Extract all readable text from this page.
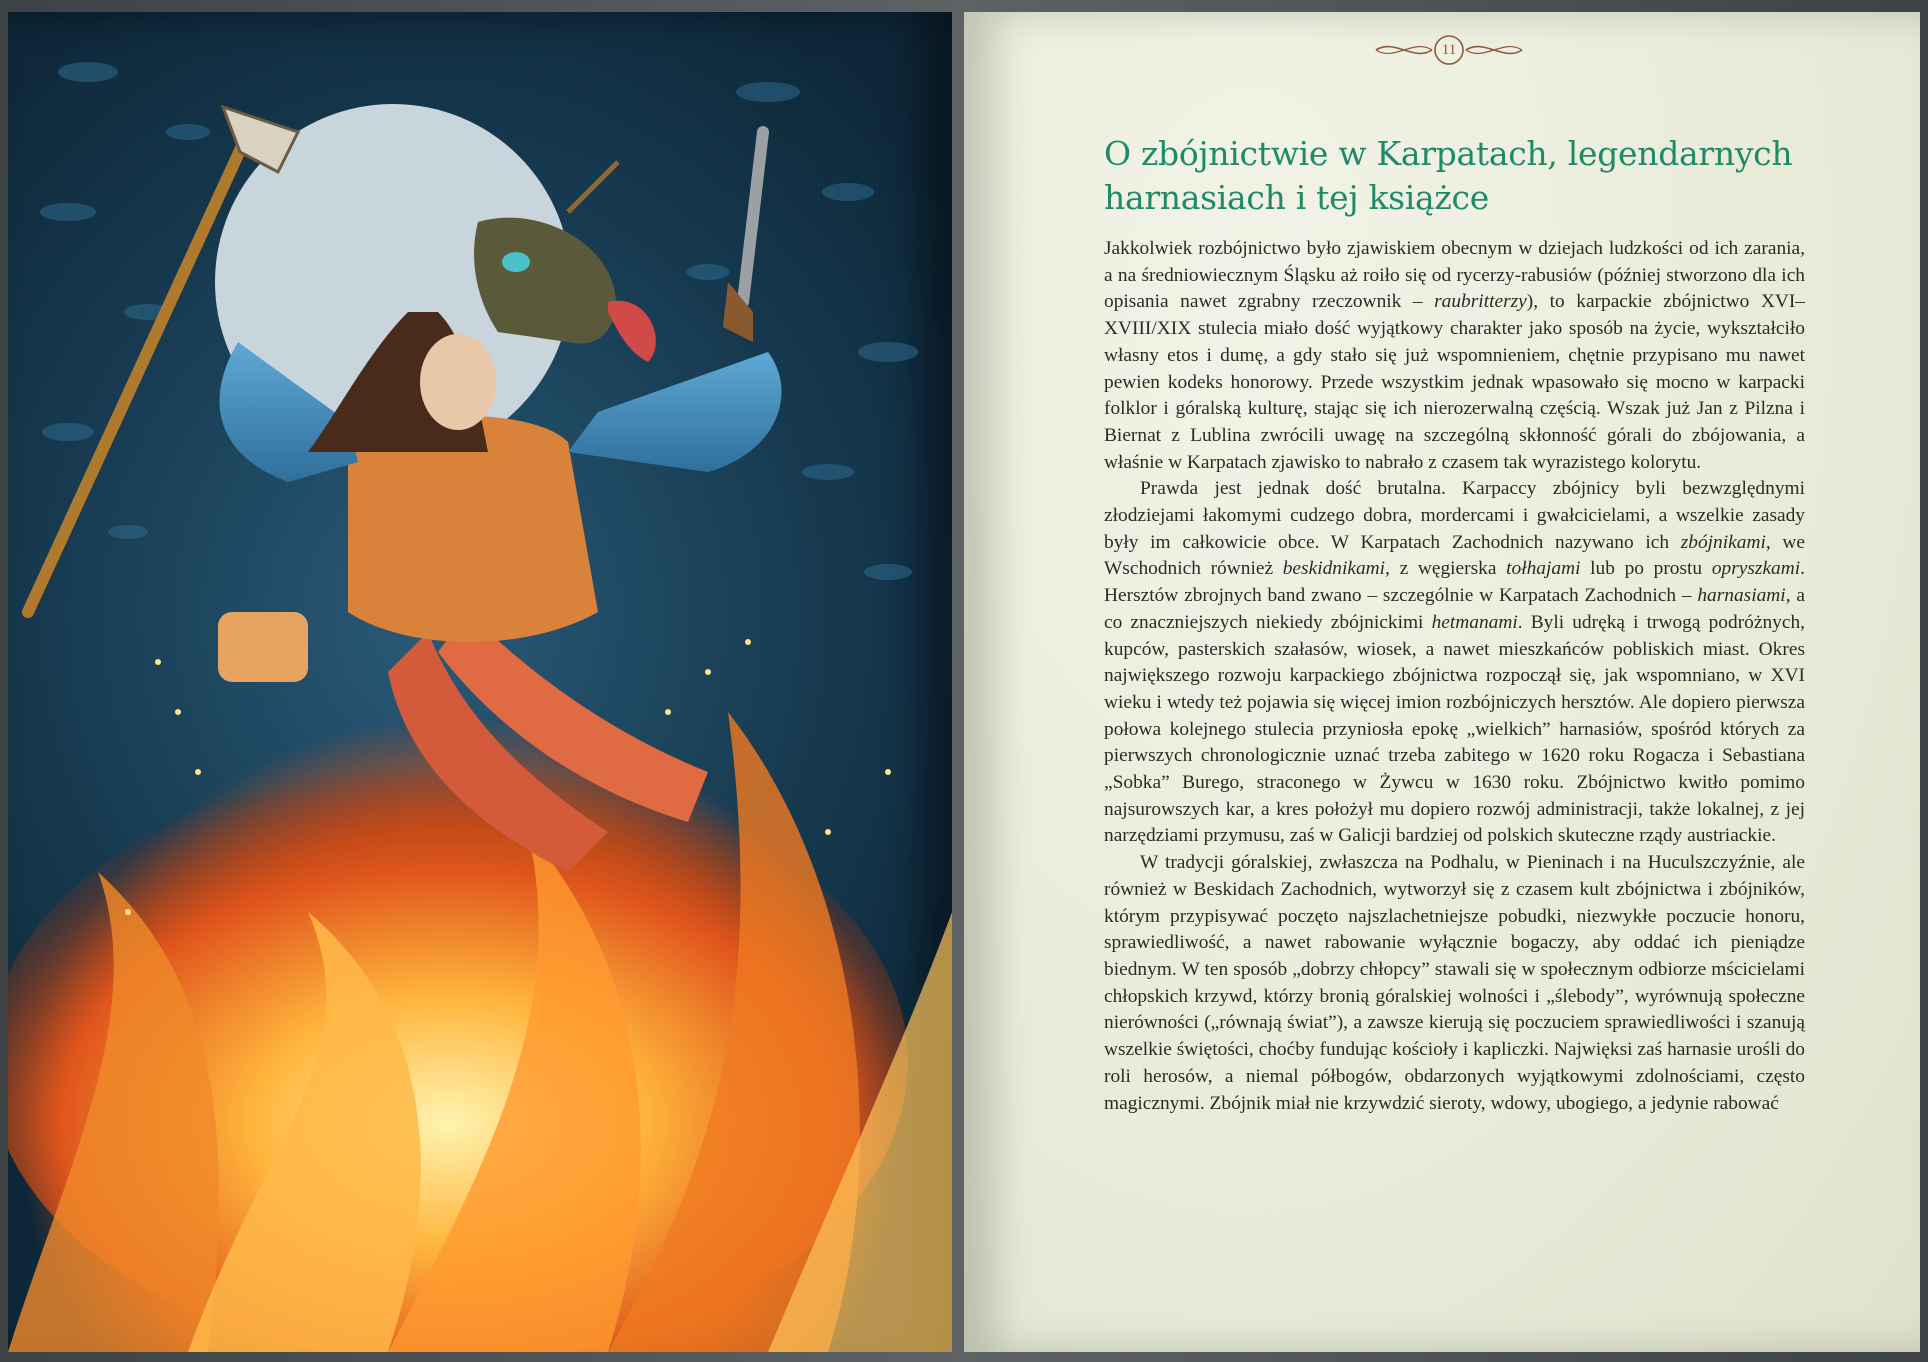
11
O zbójnictwie w Karpatach, legendarnych harnasiach i tej książce

Jakkolwiek rozbójnictwo było zjawiskiem obecnym w dziejach ludzkości od ich zarania, a na średniowiecznym Śląsku aż roiło się od rycerzy-rabusiów (później stworzono dla ich opisania nawet zgrabny rzeczownik – raubritterzy), to karpackie zbójnictwo XVI–XVIII/XIX stulecia miało dość wyjątkowy charakter jako sposób na życie, wykształciło własny etos i dumę, a gdy stało się już wspomnieniem, chętnie przypisano mu nawet pewien kodeks honorowy. Przede wszystkim jednak wpasowało się mocno w karpacki folklor i góralską kulturę, stając się ich nierozerwalną częścią. Wszak już Jan z Pilzna i Biernat z Lublina zwrócili uwagę na szczególną skłonność górali do zbójowania, a właśnie w Karpatach zjawisko to nabrało z czasem tak wyrazistego kolorytu.

Prawda jest jednak dość brutalna. Karpaccy zbójnicy byli bezwzględnymi złodziejami łakomymi cudzego dobra, mordercami i gwałcicielami, a wszelkie zasady były im całkowicie obce. W Karpatach Zachodnich nazywano ich zbójnikami, we Wschodnich również beskidnikami, z węgierska tołhajami lub po prostu opryszkami. Hersztów zbrojnych band zwano – szczególnie w Karpatach Zachodnich – harnasiami, a co znaczniejszych niekiedy zbójnickimi hetmanami. Byli udręką i trwogą podróżnych, kupców, pasterskich szałasów, wiosek, a nawet mieszkańców pobliskich miast. Okres największego rozwoju karpackiego zbójnictwa rozpoczął się, jak wspomniano, w XVI wieku i wtedy też pojawia się więcej imion rozbójniczych hersztów. Ale dopiero pierwsza połowa kolejnego stulecia przyniosła epokę „wielkich” harnasiów, spośród których za pierwszych chronologicznie uznać trzeba zabitego w 1620 roku Rogacza i Sebastiana „Sobka” Burego, straconego w Żywcu w 1630 roku. Zbójnictwo kwitło pomimo najsurowszych kar, a kres położył mu dopiero rozwój administracji, także lokalnej, z jej narzędziami przymusu, zaś w Galicji bardziej od polskich skuteczne rządy austriackie.

W tradycji góralskiej, zwłaszcza na Podhalu, w Pieninach i na Huculszczyźnie, ale również w Beskidach Zachodnich, wytworzył się z czasem kult zbójnictwa i zbójników, którym przypisywać poczęto najszlachetniejsze pobudki, niezwykłe poczucie honoru, sprawiedliwość, a nawet rabowanie wyłącznie bogaczy, aby oddać ich pieniądze biednym. W ten sposób „dobrzy chłopcy” stawali się w społecznym odbiorze mścicielami chłopskich krzywd, którzy bronią góralskiej wolności i „ślebody”, wyrównują społeczne nierówności („równają świat”), a zawsze kierują się poczuciem sprawiedliwości i szanują wszelkie świętości, choćby fundując kościoły i kapliczki. Najwięksi zaś harnasie urośli do roli herosów, a niemal półbogów, obdarzonych wyjątkowymi zdolnościami, często magicznymi. Zbójnik miał nie krzywdzić sieroty, wdowy, ubogiego, a jedynie rabować
